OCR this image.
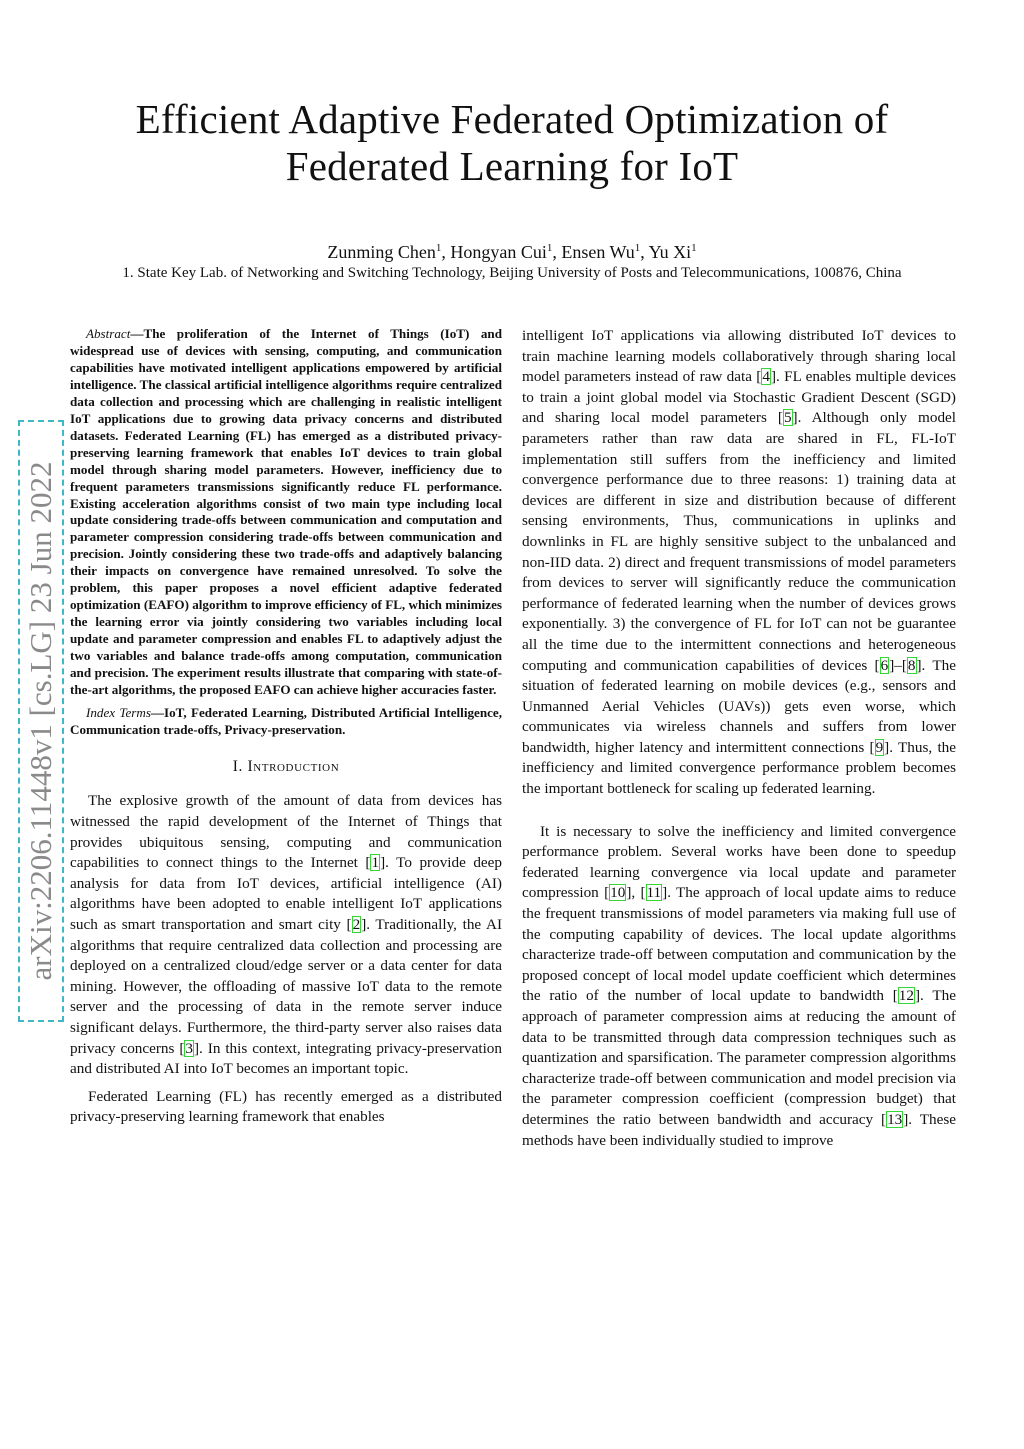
Efficient Adaptive Federated Optimization of
Federated Learning for IoT
Zunming Chen$^1$, Hongyan Cui$^1$, Ensen Wu$^1$, Yu Xi$^1$
1. State Key Lab. of Networking and Switching Technology, Beijing University of Posts and Telecommunications, 100876, China
arXiv:2206.11448v1 [cs.LG] 23 Jun 2022

Abstract—The proliferation of the Internet of Things (IoT) and widespread use of devices with sensing, computing, and communication capabilities have motivated intelligent applications empowered by artificial intelligence. The classical artificial intelligence algorithms require centralized data collection and processing which are challenging in realistic intelligent IoT applications due to growing data privacy concerns and distributed datasets. Federated Learning (FL) has emerged as a distributed privacy-preserving learning framework that enables IoT devices to train global model through sharing model parameters. However, inefficiency due to frequent parameters transmissions significantly reduce FL performance. Existing acceleration algorithms consist of two main type including local update considering trade-offs between communication and computation and parameter compression considering trade-offs between communication and precision. Jointly considering these two trade-offs and adaptively balancing their impacts on convergence have remained unresolved. To solve the problem, this paper proposes a novel efficient adaptive federated optimization (EAFO) algorithm to improve efficiency of FL, which minimizes the learning error via jointly considering two variables including local update and parameter compression and enables FL to adaptively adjust the two variables and balance trade-offs among computation, communication and precision. The experiment results illustrate that comparing with state-of-the-art algorithms, the proposed EAFO can achieve higher accuracies faster.

Index Terms—IoT, Federated Learning, Distributed Artificial Intelligence, Communication trade-offs, Privacy-preservation.

I. Introduction

The explosive growth of the amount of data from devices has witnessed the rapid development of the Internet of Things that provides ubiquitous sensing, computing and communication capabilities to connect things to the Internet [1]. To provide deep analysis for data from IoT devices, artificial intelligence (AI) algorithms have been adopted to enable intelligent IoT applications such as smart transportation and smart city [2]. Traditionally, the AI algorithms that require centralized data collection and processing are deployed on a centralized cloud/edge server or a data center for data mining. However, the offloading of massive IoT data to the remote server and the processing of data in the remote server induce significant delays. Furthermore, the third-party server also raises data privacy concerns [3]. In this context, integrating privacy-preservation and distributed AI into IoT becomes an important topic.

Federated Learning (FL) has recently emerged as a distributed privacy-preserving learning framework that enables

intelligent IoT applications via allowing distributed IoT devices to train machine learning models collaboratively through sharing local model parameters instead of raw data [4]. FL enables multiple devices to train a joint global model via Stochastic Gradient Descent (SGD) and sharing local model parameters [5]. Although only model parameters rather than raw data are shared in FL, FL-IoT implementation still suffers from the inefficiency and limited convergence performance due to three reasons: 1) training data at devices are different in size and distribution because of different sensing environments, Thus, communications in uplinks and downlinks in FL are highly sensitive subject to the unbalanced and non-IID data. 2) direct and frequent transmissions of model parameters from devices to server will significantly reduce the communication performance of federated learning when the number of devices grows exponentially. 3) the convergence of FL for IoT can not be guarantee all the time due to the intermittent connections and heterogeneous computing and communication capabilities of devices [6]–[8]. The situation of federated learning on mobile devices (e.g., sensors and Unmanned Aerial Vehicles (UAVs)) gets even worse, which communicates via wireless channels and suffers from lower bandwidth, higher latency and intermittent connections [9]. Thus, the inefficiency and limited convergence performance problem becomes the important bottleneck for scaling up federated learning.

It is necessary to solve the inefficiency and limited convergence performance problem. Several works have been done to speedup federated learning convergence via local update and parameter compression [10], [11]. The approach of local update aims to reduce the frequent transmissions of model parameters via making full use of the computing capability of devices. The local update algorithms characterize trade-off between computation and communication by the proposed concept of local model update coefficient which determines the ratio of the number of local update to bandwidth [12]. The approach of parameter compression aims at reducing the amount of data to be transmitted through data compression techniques such as quantization and sparsification. The parameter compression algorithms characterize trade-off between communication and model precision via the parameter compression coefficient (compression budget) that determines the ratio between bandwidth and accuracy [13]. These methods have been individually studied to improve
